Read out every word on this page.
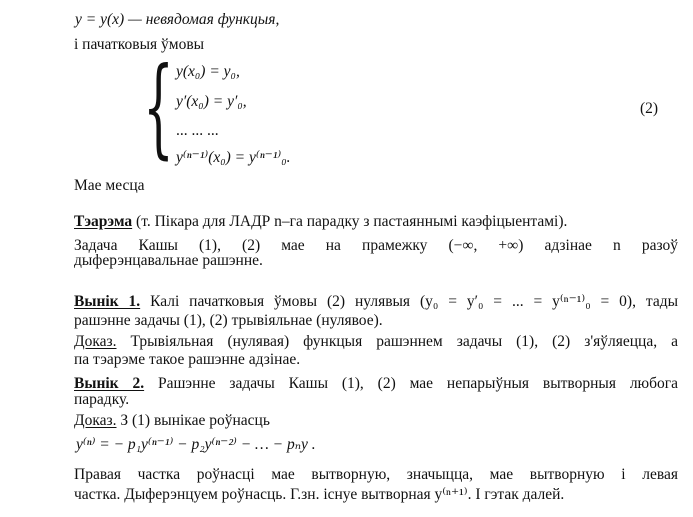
y = y(x) — невядомая функцыя,
і пачатковыя ўмовы
{ y(x₀) = y₀,
y′(x₀) = y′₀,
... ... ...
y⁽ⁿ⁻¹⁾(x₀) = y⁽ⁿ⁻¹⁾₀.
(2)
Мае месца
Тэарэма (т. Пікара для ЛАДР n–га парадку з пастаяннымі каэфіцыентамі).
Задача Кашы (1), (2) мае на прамежку (−∞, +∞) адзінае n разоў
дыферэнцавальнае рашэнне.
Вынік 1. Калі пачатковыя ўмовы (2) нулявыя (y₀ = y′₀ = ... = y⁽ⁿ⁻¹⁾₀ = 0), тады
рашэнне задачы (1), (2) трывіяльнае (нулявое).
Доказ. Трывіяльная (нулявая) функцыя рашэннем задачы (1), (2) з'яўляецца, а
па тэарэме такое рашэнне адзінае.
Вынік 2. Рашэнне задачы Кашы (1), (2) мае непарыўныя вытворныя любога
парадку.
Доказ. З (1) вынікае роўнасць
y⁽ⁿ⁾ = − p₁y⁽ⁿ⁻¹⁾ − p₂y⁽ⁿ⁻²⁾ − … − pₙy .
Правая частка роўнасці мае вытворную, значыцца, мае вытворную і левая
частка. Дыферэнцуем роўнасць. Г.зн. існуе вытворная y⁽ⁿ⁺¹⁾. І гэтак далей.
